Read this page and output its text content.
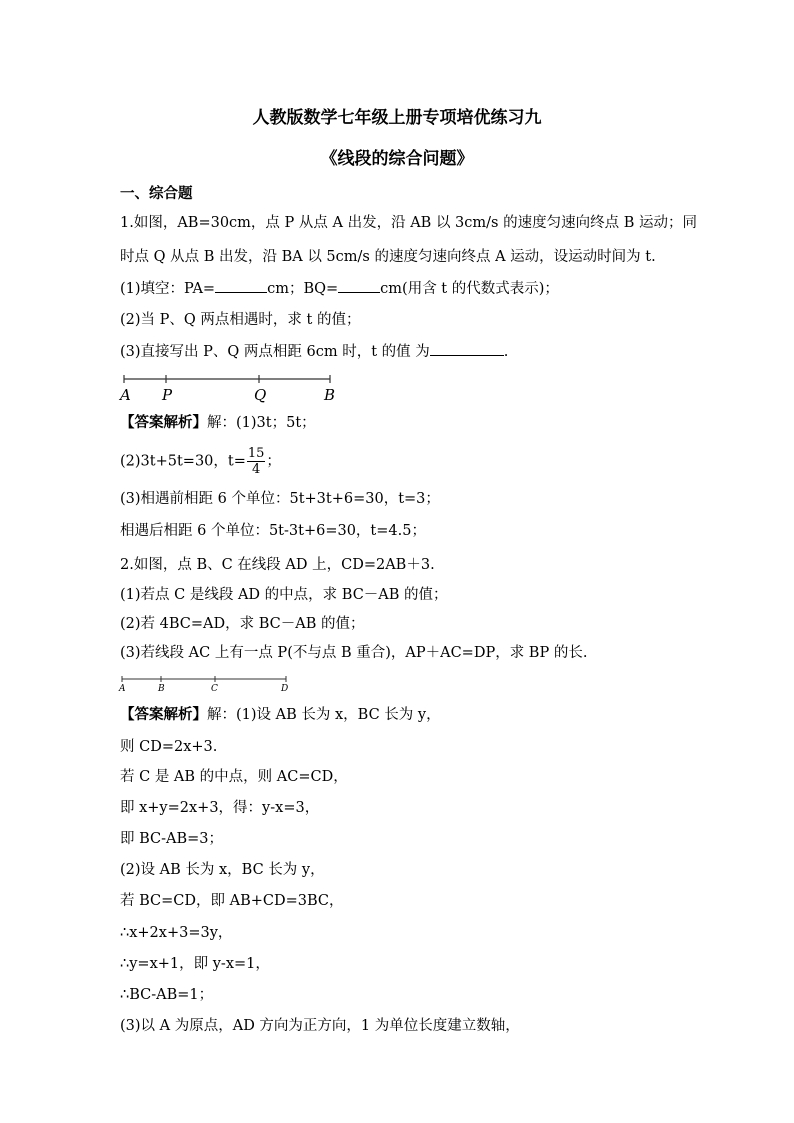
人教版数学七年级上册专项培优练习九
《线段的综合问题》
一、综合题
1.如图，AB=30cm，点 P 从点 A 出发，沿 AB 以 3cm/s 的速度匀速向终点 B 运动；同
时点 Q 从点 B 出发，沿 BA 以 5cm/s 的速度匀速向终点 A 运动，设运动时间为 t.
(1)填空：PA=	cm；BQ=	cm(用含 t 的代数式表示)；
(2)当 P、Q 两点相遇时，求 t 的值；
(3)直接写出 P、Q 两点相距 6cm 时，t 的值 为	.
A P	Q	B
【答案解析】解：(1)3t；5t；
(2)3t+5t=30，$t= \frac{15}{4}$ ；
(3)相遇前相距 6 个单位：5t+3t+6=30，t=3；
相遇后相距 6 个单位：5t-3t+6=30，t=4.5；
2.如图，点 B、C 在线段 AD 上，CD=2AB＋3.
(1)若点 C 是线段 AD 的中点，求 BC－AB 的值；
(2)若 4BC=AD，求 BC－AB 的值；
(3)若线段 AC 上有一点 P(不与点 B 重合)，AP＋AC=DP，求 BP 的长.
A	B	C	D
【答案解析】解：(1)设 AB 长为 x，BC 长为 y，
则 CD=2x+3.
若 C 是 AB 的中点，则 AC=CD，
即 x+y=2x+3，得：y-x=3，
即 BC-AB=3；
(2)设 AB 长为 x，BC 长为 y，
若 BC=CD，即 AB+CD=3BC，
∴x+2x+3=3y，
∴y=x+1，即 y-x=1，
∴BC-AB=1；
(3)以 A 为原点，AD 方向为正方向，1 为单位长度建立数轴，
